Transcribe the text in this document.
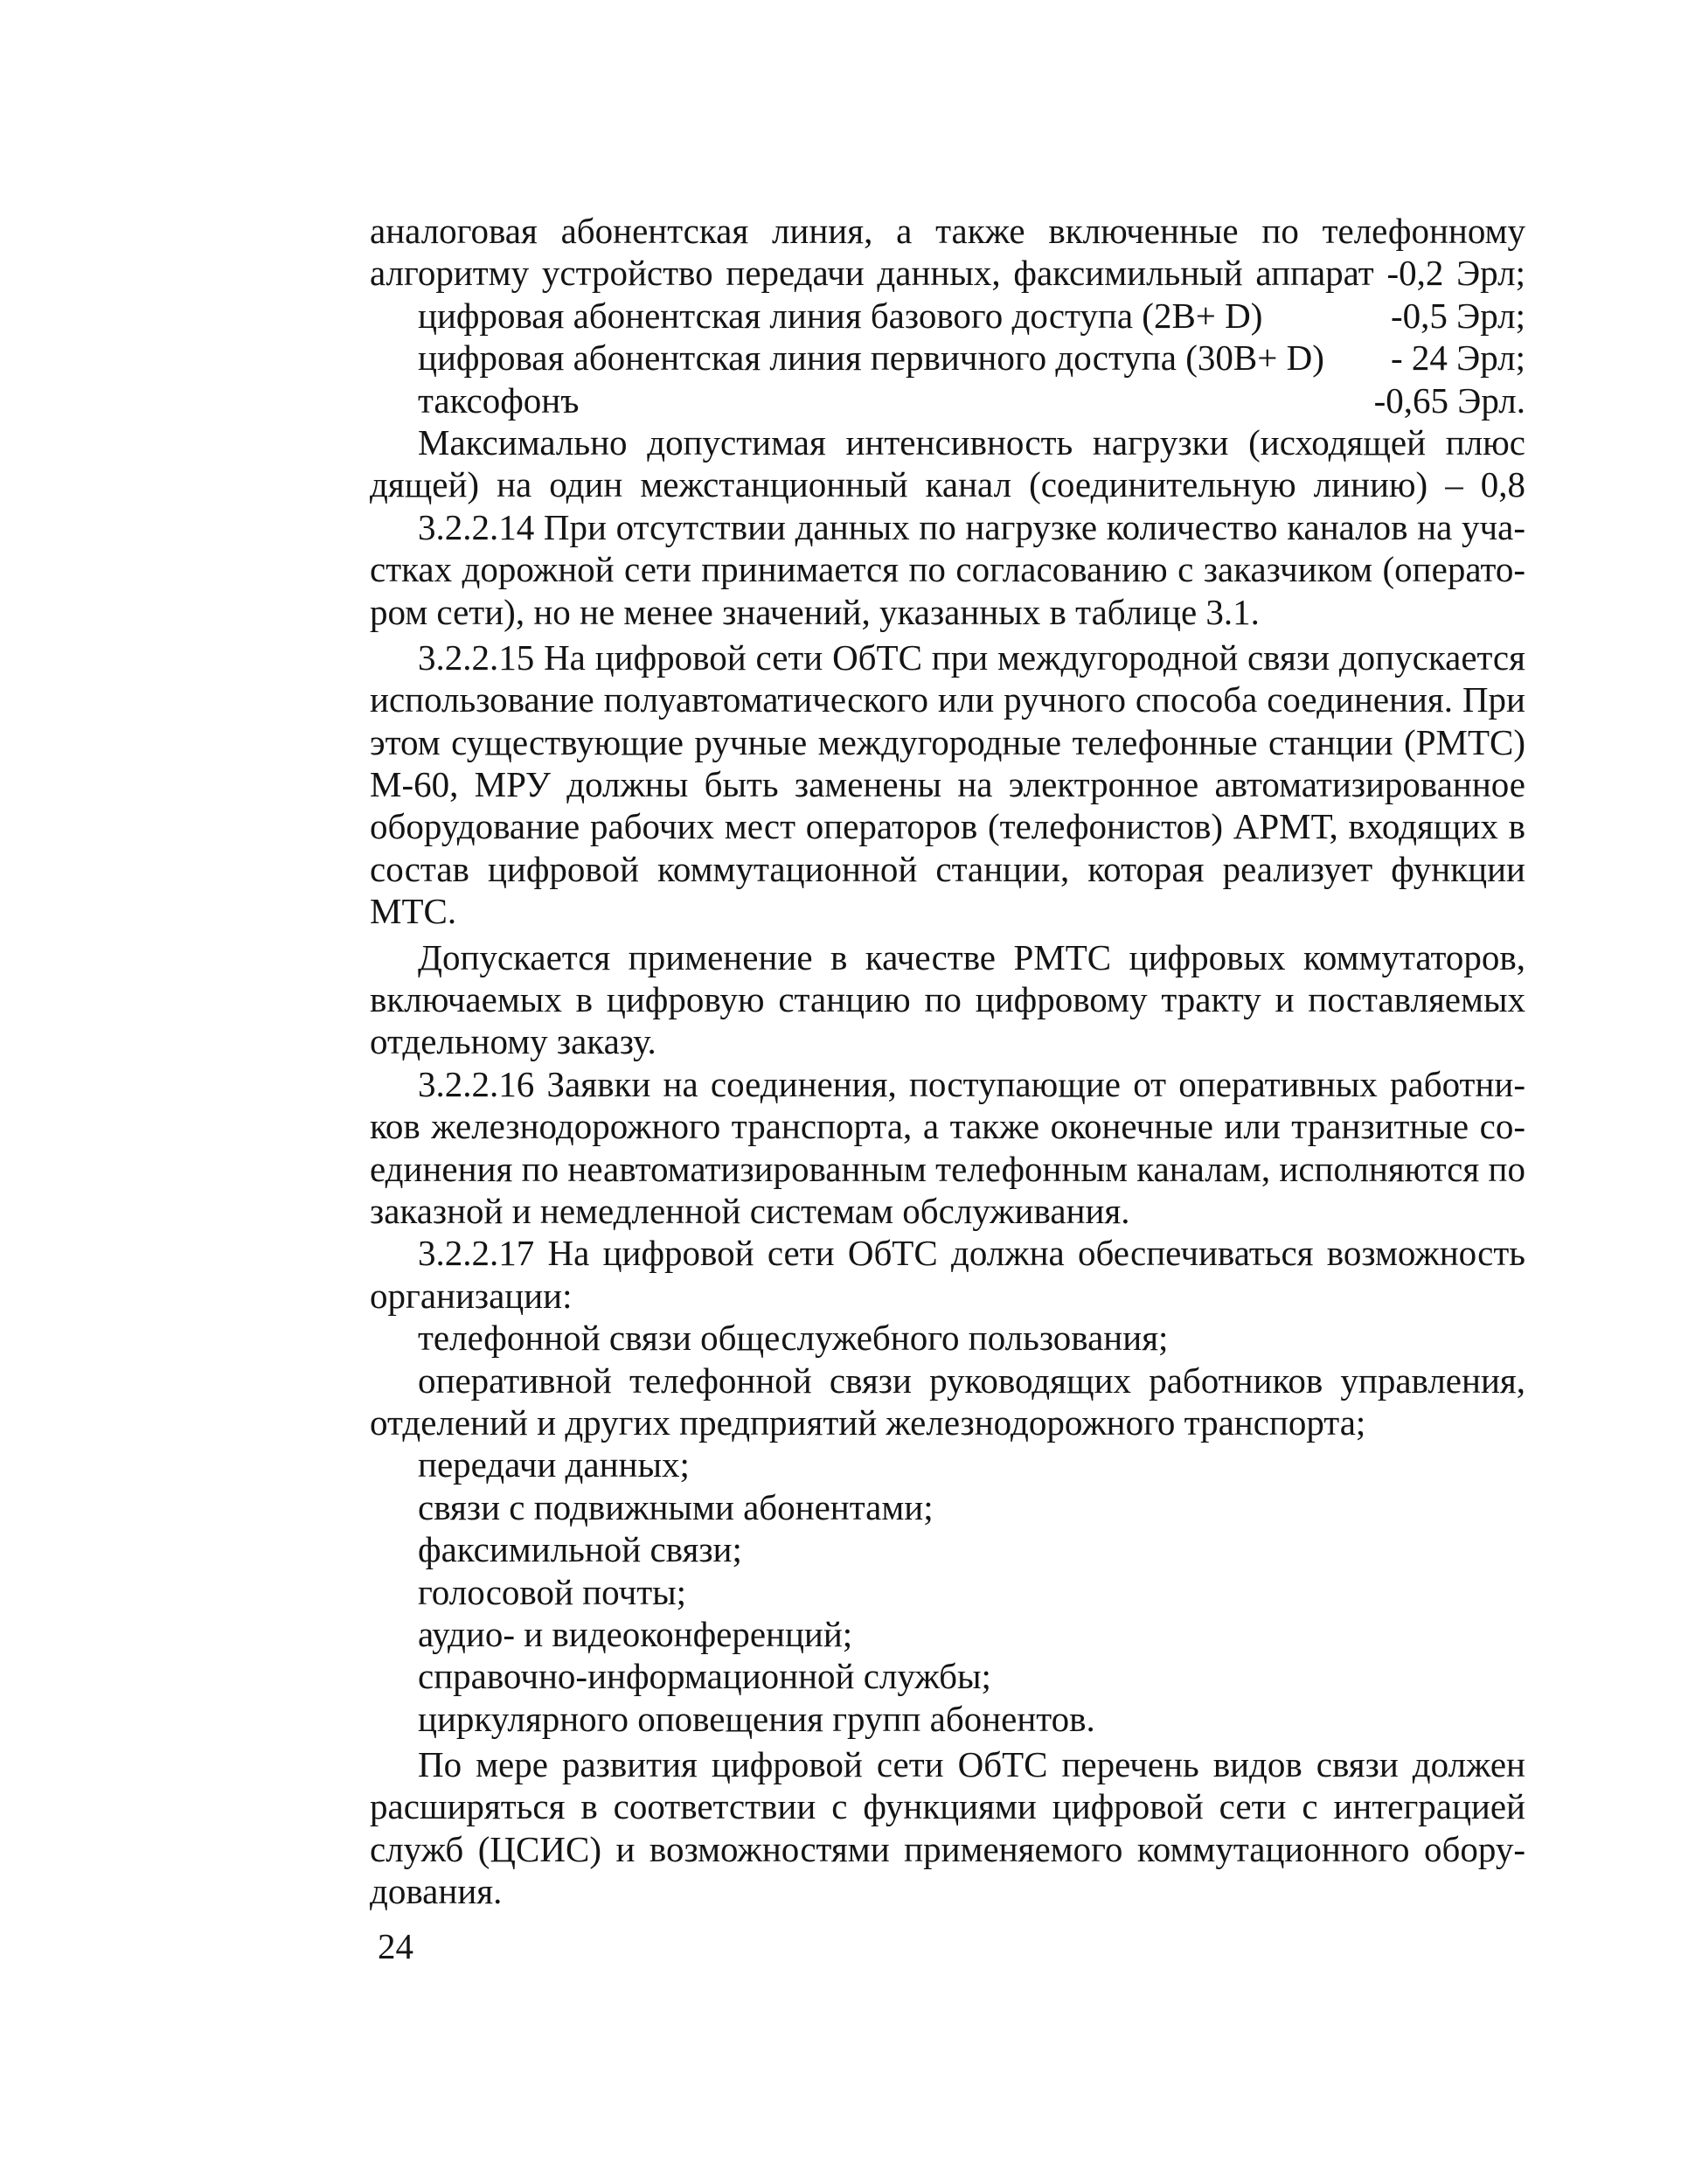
аналоговая абонентская линия, а также включенные по телефонному
алгоритму устройство передачи данных, факсимильный аппарат -0,2 Эрл;
цифровая абонентская линия базового доступа (2B+ D)	-0,5 Эрл;
цифровая абонентская линия первичного доступа (30B+ D)	- 24 Эрл;
таксофонъ	-0,65 Эрл.
Максимально допустимая интенсивность нагрузки (исходящей плюс
дящей) на один межстанционный канал (соединительную линию) – 0,8
3.2.2.14 При отсутствии данных по нагрузке количество каналов на уча-
стках дорожной сети принимается по согласованию с заказчиком (операто-
ром сети), но не менее значений, указанных в таблице 3.1.
3.2.2.15 На цифровой сети ОбТС при междугородной связи допускается
использование полуавтоматического или ручного способа соединения. При
этом существующие ручные междугородные телефонные станции (РМТС)
М-60, МРУ должны быть заменены на электронное автоматизированное
оборудование рабочих мест операторов (телефонистов) АРМТ, входящих в
состав цифровой коммутационной станции, которая реализует функции
МТС.
Допускается применение в качестве РМТС цифровых коммутаторов,
включаемых в цифровую станцию по цифровому тракту и поставляемых
отдельному заказу.
3.2.2.16 Заявки на соединения, поступающие от оперативных работни-
ков железнодорожного транспорта, а также оконечные или транзитные со-
единения по неавтоматизированным телефонным каналам, исполняются по
заказной и немедленной системам обслуживания.
3.2.2.17 На цифровой сети ОбТС должна обеспечиваться возможность
организации:
телефонной связи общеслужебного пользования;
оперативной телефонной связи руководящих работников управления,
отделений и других предприятий железнодорожного транспорта;
передачи данных;
связи с подвижными абонентами;
факсимильной связи;
голосовой почты;
аудио- и видеоконференций;
справочно-информационной службы;
циркулярного оповещения групп абонентов.
По мере развития цифровой сети ОбТС перечень видов связи должен
расширяться в соответствии с функциями цифровой сети с интеграцией
служб (ЦСИС) и возможностями применяемого коммутационного обору-
дования.
24
